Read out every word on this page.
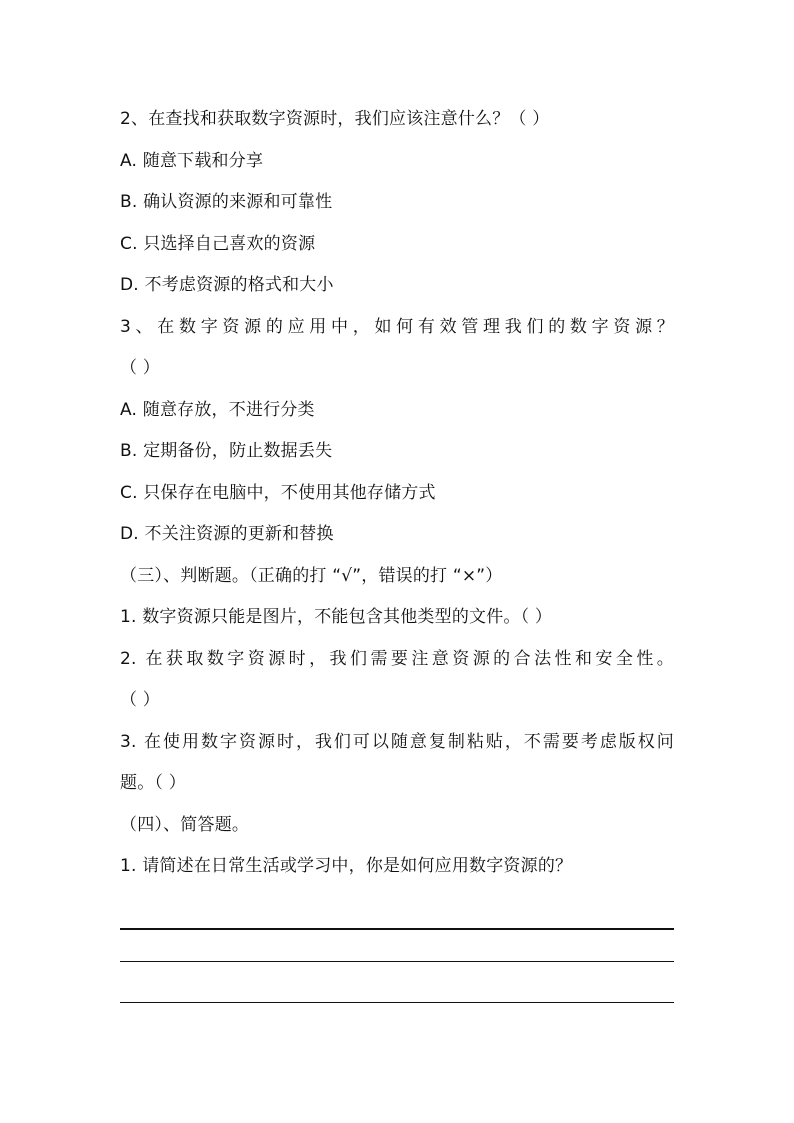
2、在查找和获取数字资源时，我们应该注意什么？（ ）
A. 随意下载和分享
B. 确认资源的来源和可靠性
C. 只选择自己喜欢的资源
D. 不考虑资源的格式和大小
3、在数字资源的应用中，如何有效管理我们的数字资源？
（ ）
A. 随意存放，不进行分类
B. 定期备份，防止数据丢失
C. 只保存在电脑中，不使用其他存储方式
D. 不关注资源的更新和替换
（三）、判断题。（正确的打 “√”，错误的打 “×”）
1. 数字资源只能是图片，不能包含其他类型的文件。（ ）
2. 在获取数字资源时，我们需要注意资源的合法性和安全性。
（ ）
3. 在使用数字资源时，我们可以随意复制粘贴，不需要考虑版权问
题。（ ）
（四）、简答题。
1. 请简述在日常生活或学习中，你是如何应用数字资源的？
